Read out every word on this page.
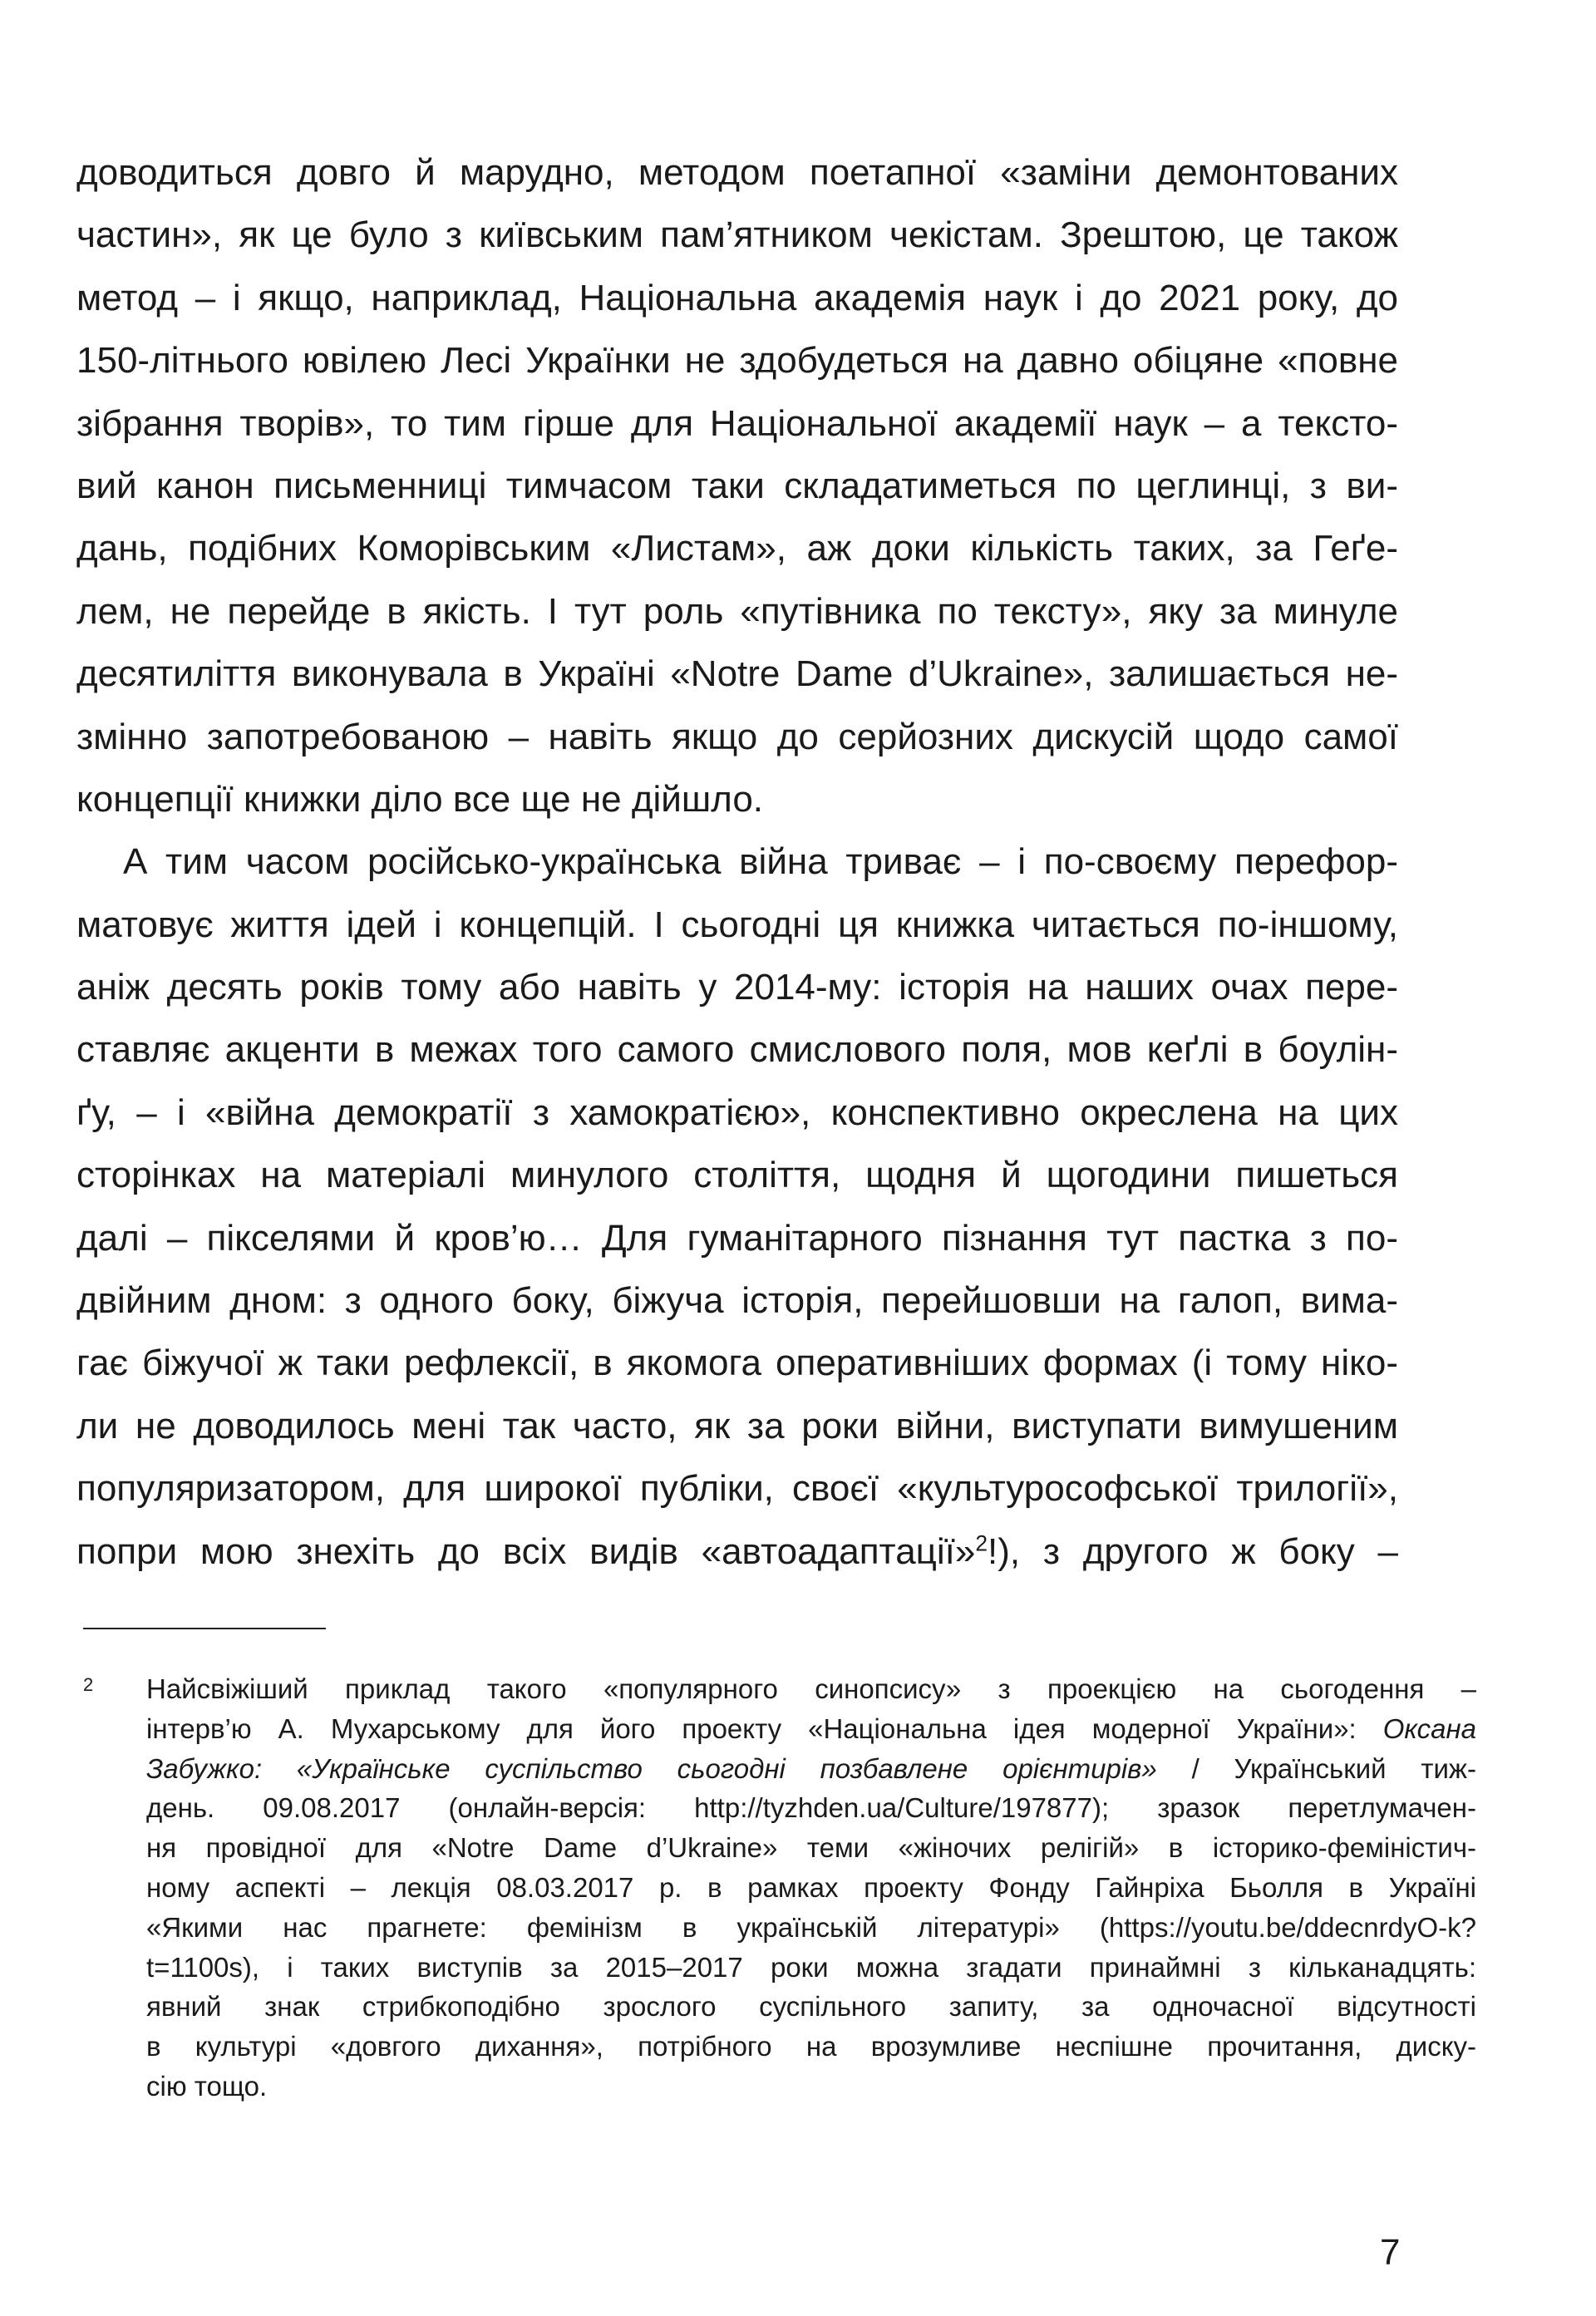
доводиться довго й марудно, методом поетапної «заміни демонтованих
частин», як це було з київським пам’ятником чекістам. Зрештою, це також
метод – і якщо, наприклад, Національна академія наук і до 2021 року, до
150-літнього ювілею Лесі Українки не здобудеться на давно обіцяне «повне
зібрання творів», то тим гірше для Національної академії наук – а тексто-
вий канон письменниці тимчасом таки складатиметься по цеглинці, з ви-
дань, подібних Коморівським «Листам», аж доки кількість таких, за Геґе-
лем, не перейде в якість. І тут роль «путівника по тексту», яку за минуле
десятиліття виконувала в Україні «Notre Dame d’Ukraine», залишається не-
змінно запотребованою – навіть якщо до серйозних дискусій щодо самої
концепції книжки діло все ще не дійшло.
А тим часом російсько-українська війна триває – і по-своєму перефор-
матовує життя ідей і концепцій. І сьогодні ця книжка читається по-іншому,
аніж десять років тому або навіть у 2014-му: історія на наших очах пере-
ставляє акценти в межах того самого смислового поля, мов кеґлі в боулін-
ґу, – і «війна демократії з хамократією», конспективно окреслена на цих
сторінках на матеріалі минулого століття, щодня й щогодини пишеться
далі – пікселями й кров’ю… Для гуманітарного пізнання тут пастка з по-
двійним дном: з одного боку, біжуча історія, перейшовши на галоп, вима-
гає біжучої ж таки рефлексії, в якомога оперативніших формах (і тому ніко-
ли не доводилось мені так часто, як за роки війни, виступати вимушеним
популяризатором, для широкої публіки, своєї «культурософської трилогії»,
попри мою знехіть до всіх видів «автоадаптації»$^2$!), з другого ж боку –
2 Найсвіжіший приклад такого «популярного синопсису» з проекцією на сьогодення –
інтерв’ю А. Мухарському для його проекту «Національна ідея модерної України»: Оксана
Забужко: «Українське суспільство сьогодні позбавлене орієнтирів» / Український тиж-
день. 09.08.2017 (онлайн-версія: http://tyzhden.ua/Culture/197877); зразок перетлумачен-
ня провідної для «Notre Dame d’Ukraine» теми «жіночих релігій» в історико-феміністич-
ному аспекті – лекція 08.03.2017 р. в рамках проекту Фонду Гайнріха Бьолля в Україні
«Якими нас прагнете: фемінізм в українській літературі» (https://youtu.be/ddecnrdyO-k?
t=1100s), і таких виступів за 2015–2017 роки можна згадати принаймні з кільканадцять:
явний знак стрибкоподібно зрослого суспільного запиту, за одночасної відсутності
в культурі «довгого дихання», потрібного на врозумливе неспішне прочитання, диску-
сію тощо.
7
